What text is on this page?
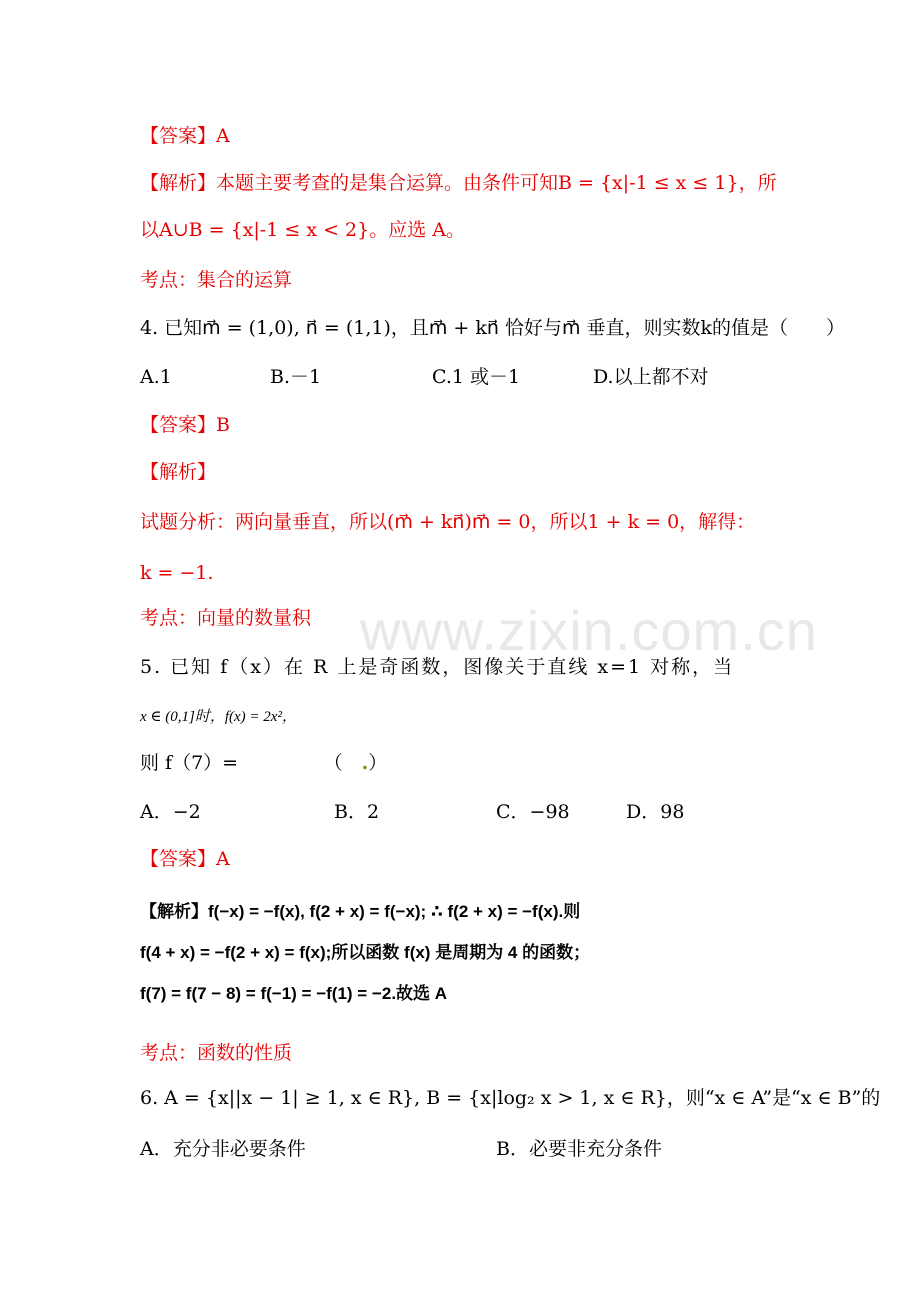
www.zixin.com.cn
【答案】A
【解析】本题主要考查的是集合运算。由条件可知B = {x|-1 ≤ x ≤ 1}，所
以A∪B = {x|-1 ≤ x < 2}。应选 A。
考点：集合的运算
4. 已知m⃗ = (1,0), n⃗ = (1,1)，且m⃗ + kn⃗ 恰好与m⃗ 垂直，则实数k的值是（　　）
A.1	B.－1	C.1 或－1	D.以上都不对
【答案】B
【解析】
试题分析：两向量垂直，所以(m⃗ + kn⃗)m⃗ = 0，所以1 + k = 0，解得：
k = −1.
考点：向量的数量积
5. 已知 f（x）在 R 上是奇函数，图像关于直线 x=1 对称，当
x ∈ (0,1]时，f(x) = 2x²，
则 f（7）=　　　　　（　.）
A．−2	B．2	C．−98	D．98
【答案】A
【解析】f(−x) = −f(x), f(2 + x) = f(−x); ∴ f(2 + x) = −f(x).则
f(4 + x) = −f(2 + x) = f(x);所以函数 f(x) 是周期为 4 的函数；
f(7) = f(7 − 8) = f(−1) = −f(1) = −2.故选 A
考点：函数的性质
6. A = {x||x − 1| ≥ 1, x ∈ R}, B = {x|log₂ x > 1, x ∈ R}，则“x ∈ A”是“x ∈ B”的
A．充分非必要条件	B．必要非充分条件
